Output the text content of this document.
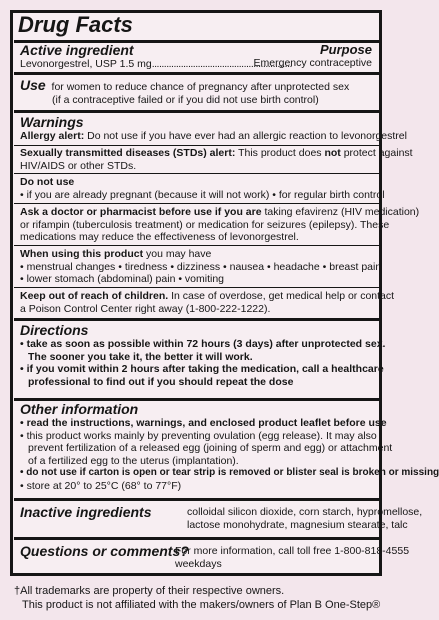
Drug Facts
Active ingredient	Purpose
Levonorgestrel, USP 1.5 mg..........................................................
Emergency contraceptive
Use for women to reduce chance of pregnancy after unprotected sex
(if a contraceptive failed or if you did not use birth control)
Warnings
Allergy alert: Do not use if you have ever had an allergic reaction to levonorgestrel
Sexually transmitted diseases (STDs) alert: This product does not protect against
HIV/AIDS or other STDs.
Do not use
• if you are already pregnant (because it will not work) • for regular birth control
Ask a doctor or pharmacist before use if you are taking efavirenz (HIV medication)
or rifampin (tuberculosis treatment) or medication for seizures (epilepsy). These
medications may reduce the effectiveness of levonorgestrel.
When using this product you may have
• menstrual changes • tiredness • dizziness • nausea • headache • breast pain
• lower stomach (abdominal) pain • vomiting
Keep out of reach of children. In case of overdose, get medical help or contact
a Poison Control Center right away (1-800-222-1222).
Directions
• take as soon as possible within 72 hours (3 days) after unprotected sex.
The sooner you take it, the better it will work.
• if you vomit within 2 hours after taking the medication, call a healthcare
professional to find out if you should repeat the dose
Other information
• read the instructions, warnings, and enclosed product leaflet before use
• this product works mainly by preventing ovulation (egg release). It may also
prevent fertilization of a released egg (joining of sperm and egg) or attachment
of a fertilized egg to the uterus (implantation).
• do not use if carton is open or tear strip is removed or blister seal is broken or missing
• store at 20° to 25°C (68° to 77°F)
Inactive ingredients	colloidal silicon dioxide, corn starch, hypromellose,
lactose monohydrate, magnesium stearate, talc
Questions or comments?
For more information, call toll free 1-800-818-4555
weekdays
†All trademarks are property of their respective owners.
This product is not affiliated with the makers/owners of Plan B One-Step®
